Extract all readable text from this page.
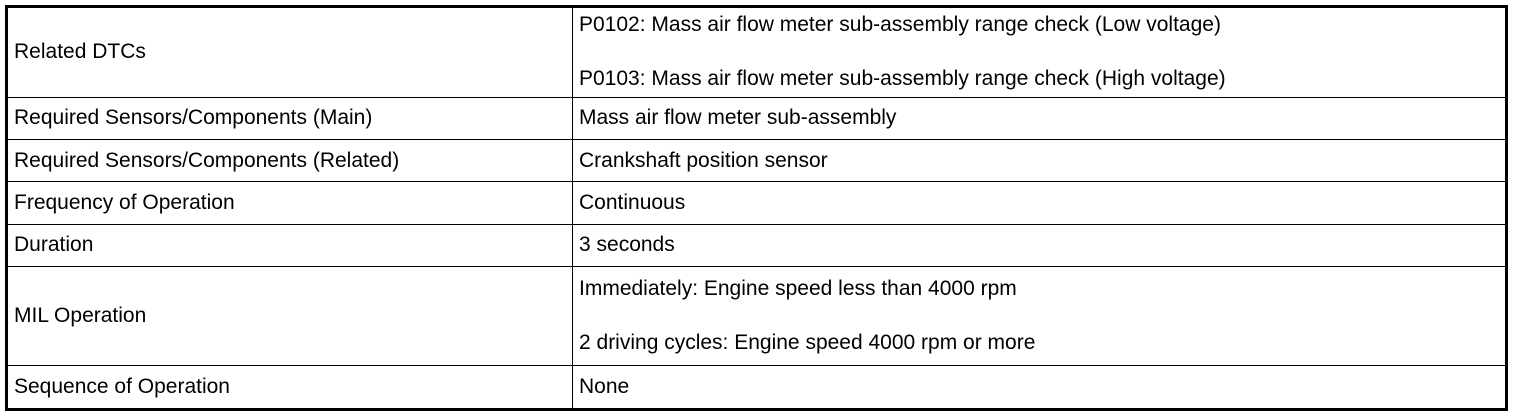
Related DTCs	P0102: Mass air flow meter sub-assembly range check (Low voltage)
P0103: Mass air flow meter sub-assembly range check (High voltage)

Required Sensors/Components (Main)	Mass air flow meter sub-assembly
Required Sensors/Components (Related)	Crankshaft position sensor
Frequency of Operation	Continuous
Duration	3 seconds
MIL Operation	Immediately: Engine speed less than 4000 rpm
2 driving cycles: Engine speed 4000 rpm or more

Sequence of Operation	None
